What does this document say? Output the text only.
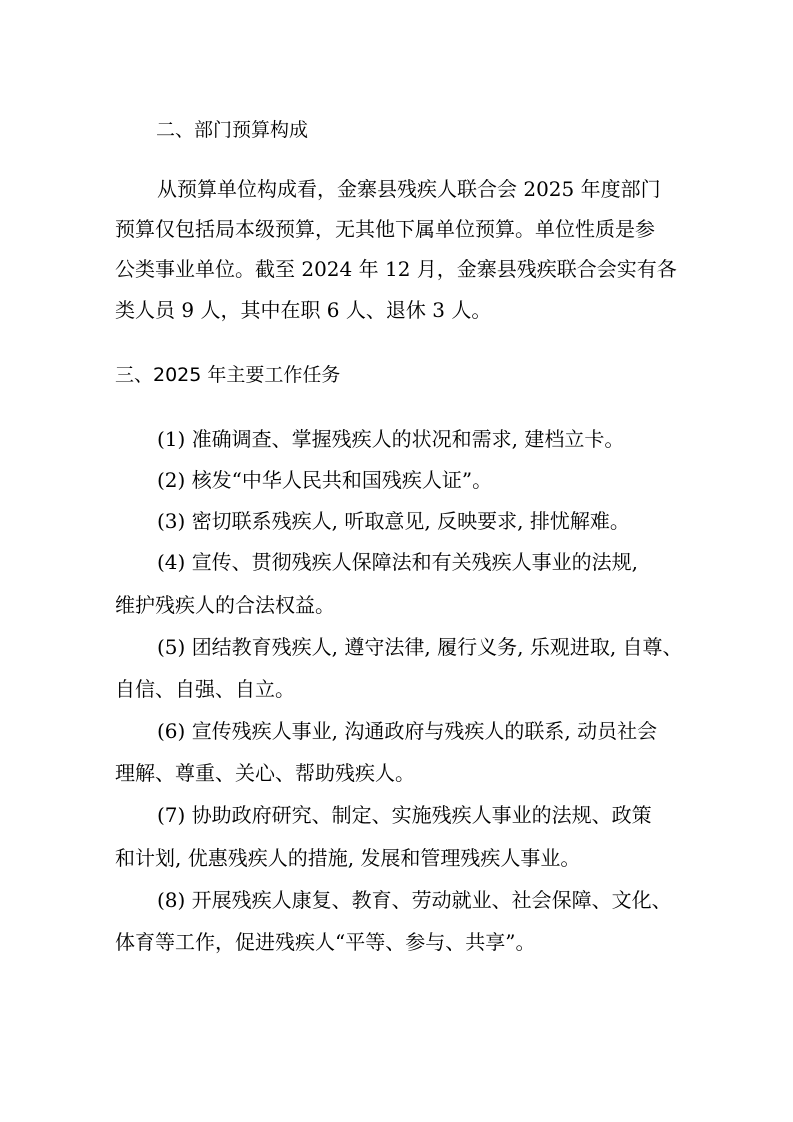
二、部门预算构成
从预算单位构成看，金寨县残疾人联合会 2025 年度部门
预算仅包括局本级预算，无其他下属单位预算。单位性质是参
公类事业单位。截至 2024 年 12 月，金寨县残疾联合会实有各
类人员 9 人，其中在职 6 人、退休 3 人。
三、2025 年主要工作任务
(1) 准确调查、掌握残疾人的状况和需求, 建档立卡。
(2) 核发“中华人民共和国残疾人证”。
(3) 密切联系残疾人, 听取意见, 反映要求, 排忧解难。
(4) 宣传、贯彻残疾人保障法和有关残疾人事业的法规,
维护残疾人的合法权益。
(5) 团结教育残疾人, 遵守法律, 履行义务, 乐观进取, 自尊、
自信、自强、自立。
(6) 宣传残疾人事业, 沟通政府与残疾人的联系, 动员社会
理解、尊重、关心、帮助残疾人。
(7) 协助政府研究、制定、实施残疾人事业的法规、政策
和计划, 优惠残疾人的措施, 发展和管理残疾人事业。
(8) 开展残疾人康复、教育、劳动就业、社会保障、文化、
体育等工作，促进残疾人“平等、参与、共享”。
